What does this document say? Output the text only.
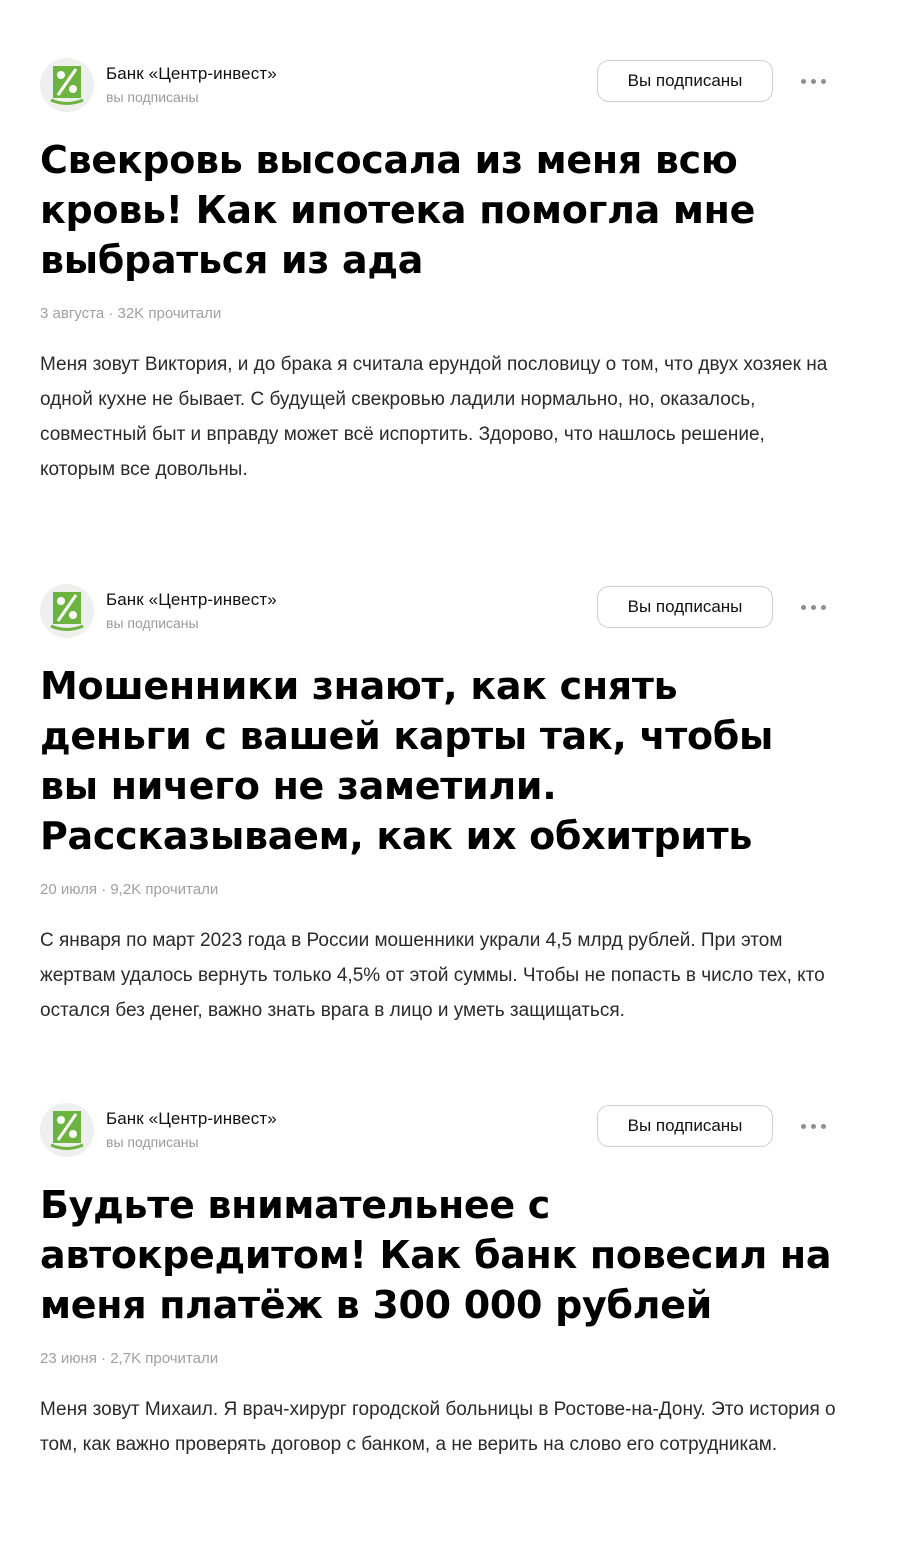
Банк «Центр-инвест»
вы подписаны
Вы подписаны
Свекровь высосала из меня всю кровь! Как ипотека помогла мне выбраться из ада
3 августа · 32K прочитали
Меня зовут Виктория, и до брака я считала ерундой пословицу о том, что двух хозяек на одной кухне не бывает. С будущей свекровью ладили нормально, но, оказалось, совместный быт и вправду может всё испортить. Здорово, что нашлось решение, которым все довольны.
Банк «Центр-инвест»
вы подписаны
Вы подписаны
Мошенники знают, как снять деньги с вашей карты так, чтобы вы ничего не заметили. Рассказываем, как их обхитрить
20 июля · 9,2K прочитали
С января по март 2023 года в России мошенники украли 4,5 млрд рублей. При этом жертвам удалось вернуть только 4,5% от этой суммы. Чтобы не попасть в число тех, кто остался без денег, важно знать врага в лицо и уметь защищаться.
Банк «Центр-инвест»
вы подписаны
Вы подписаны
Будьте внимательнее с автокредитом! Как банк повесил на меня платёж в 300 000 рублей
23 июня · 2,7K прочитали
Меня зовут Михаил. Я врач-хирург городской больницы в Ростове-на-Дону. Это история о том, как важно проверять договор с банком, а не верить на слово его сотрудникам.
